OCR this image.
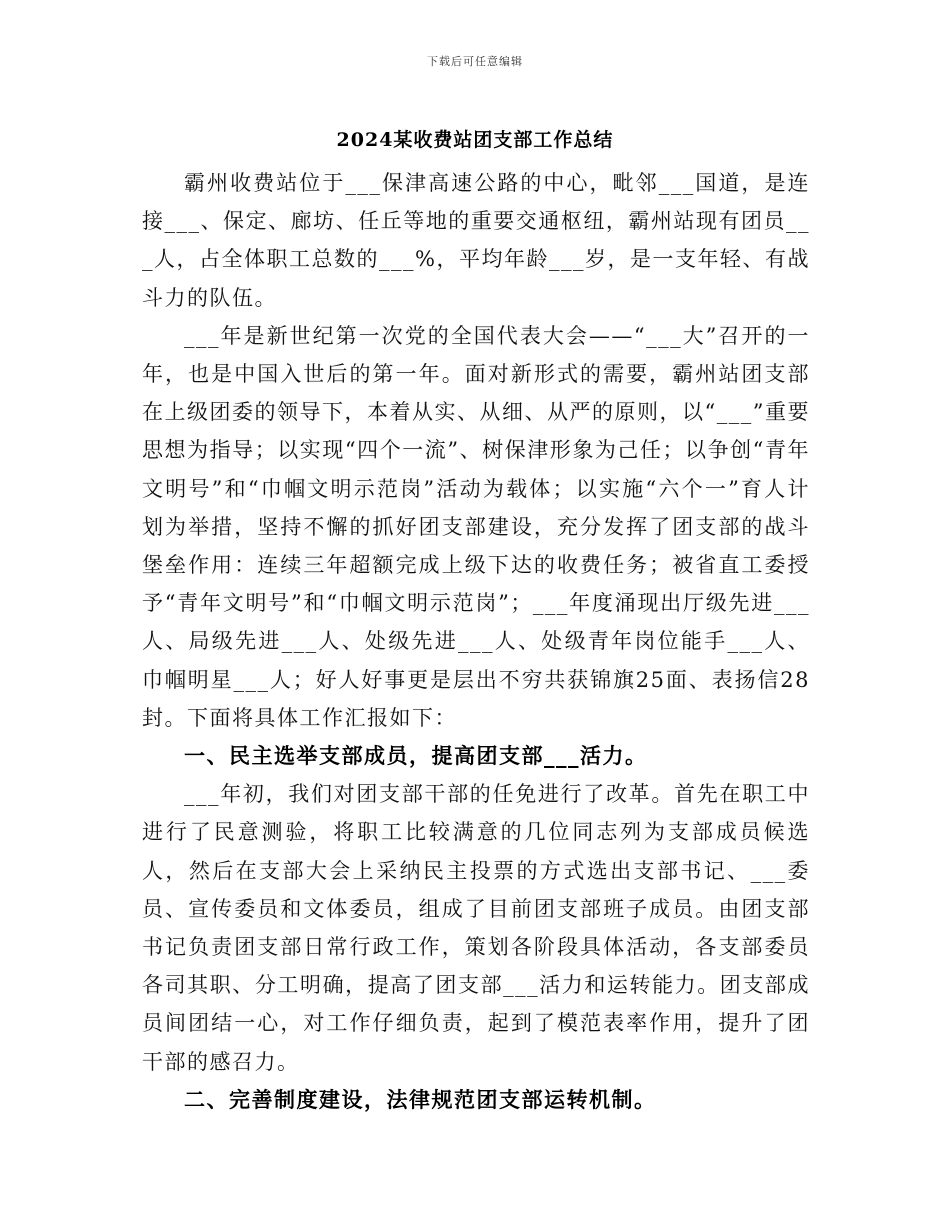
下载后可任意编辑
2024某收费站团支部工作总结

霸州收费站位于___保津高速公路的中心，毗邻___国道，是连接___、保定、廊坊、任丘等地的重要交通枢纽，霸州站现有团员___人，占全体职工总数的___%，平均年龄___岁，是一支年轻、有战斗力的队伍。

___年是新世纪第一次党的全国代表大会——“___大”召开的一年，也是中国入世后的第一年。面对新形式的需要，霸州站团支部在上级团委的领导下，本着从实、从细、从严的原则，以“___”重要思想为指导；以实现“四个一流”、树保津形象为己任；以争创“青年文明号”和“巾帼文明示范岗”活动为载体；以实施“六个一”育人计划为举措，坚持不懈的抓好团支部建设，充分发挥了团支部的战斗堡垒作用：连续三年超额完成上级下达的收费任务；被省直工委授予“青年文明号”和“巾帼文明示范岗”；___年度涌现出厅级先进___人、局级先进___人、处级先进___人、处级青年岗位能手___人、巾帼明星___人；好人好事更是层出不穷共获锦旗25面、表扬信28封。下面将具体工作汇报如下：

一、民主选举支部成员，提高团支部___活力。

___年初，我们对团支部干部的任免进行了改革。首先在职工中进行了民意测验，将职工比较满意的几位同志列为支部成员候选人，然后在支部大会上采纳民主投票的方式选出支部书记、___委员、宣传委员和文体委员，组成了目前团支部班子成员。由团支部书记负责团支部日常行政工作，策划各阶段具体活动，各支部委员各司其职、分工明确，提高了团支部___活力和运转能力。团支部成员间团结一心，对工作仔细负责，起到了模范表率作用，提升了团干部的感召力。

二、完善制度建设，法律规范团支部运转机制。
